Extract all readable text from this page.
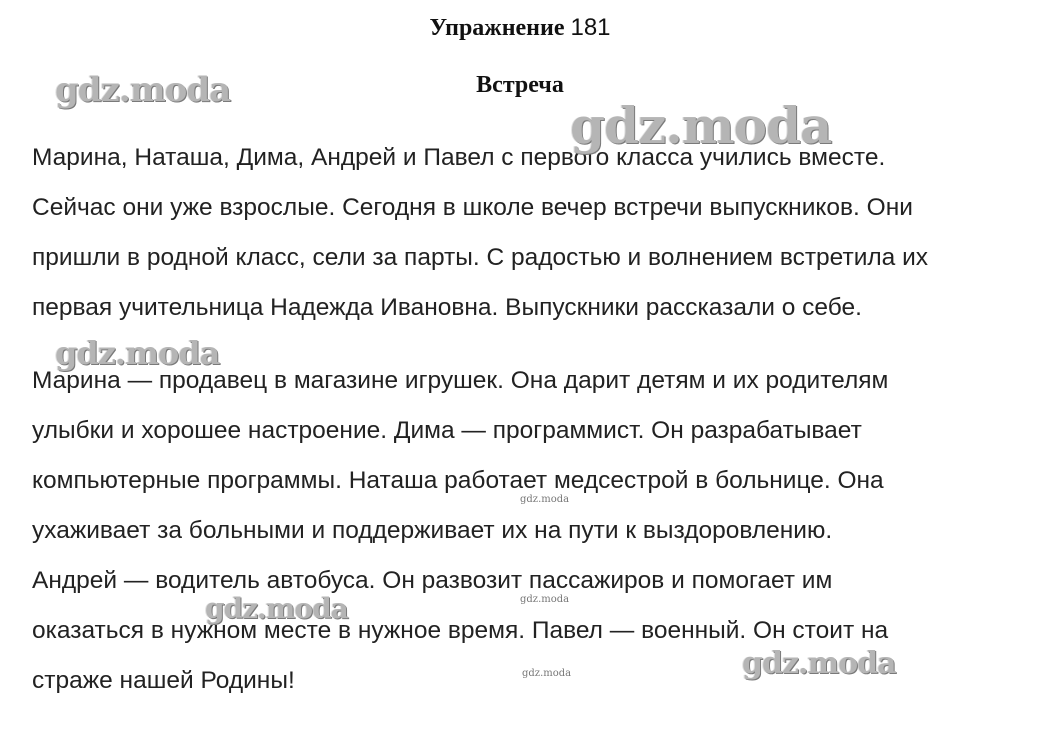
Упражнение 181
Встреча

Марина, Наташа, Дима, Андрей и Павел с первого класса учились вместе.

Сейчас они уже взрослые. Сегодня в школе вечер встречи выпускников. Они

пришли в родной класс, сели за парты. С радостью и волнением встретила их

первая учительница Надежда Ивановна. Выпускники рассказали о себе.

Марина — продавец в магазине игрушек. Она дарит детям и их родителям

улыбки и хорошее настроение. Дима — программист. Он разрабатывает

компьютерные программы. Наташа работает медсестрой в больнице. Она

ухаживает за больными и поддерживает их на пути к выздоровлению.

Андрей — водитель автобуса. Он развозит пассажиров и помогает им

оказаться в нужном месте в нужное время. Павел — военный. Он стоит на

страже нашей Родины!

gdz.moda
gdz.moda
gdz.moda
gdz.moda
gdz.moda
gdz.moda
gdz.moda
gdz.moda
